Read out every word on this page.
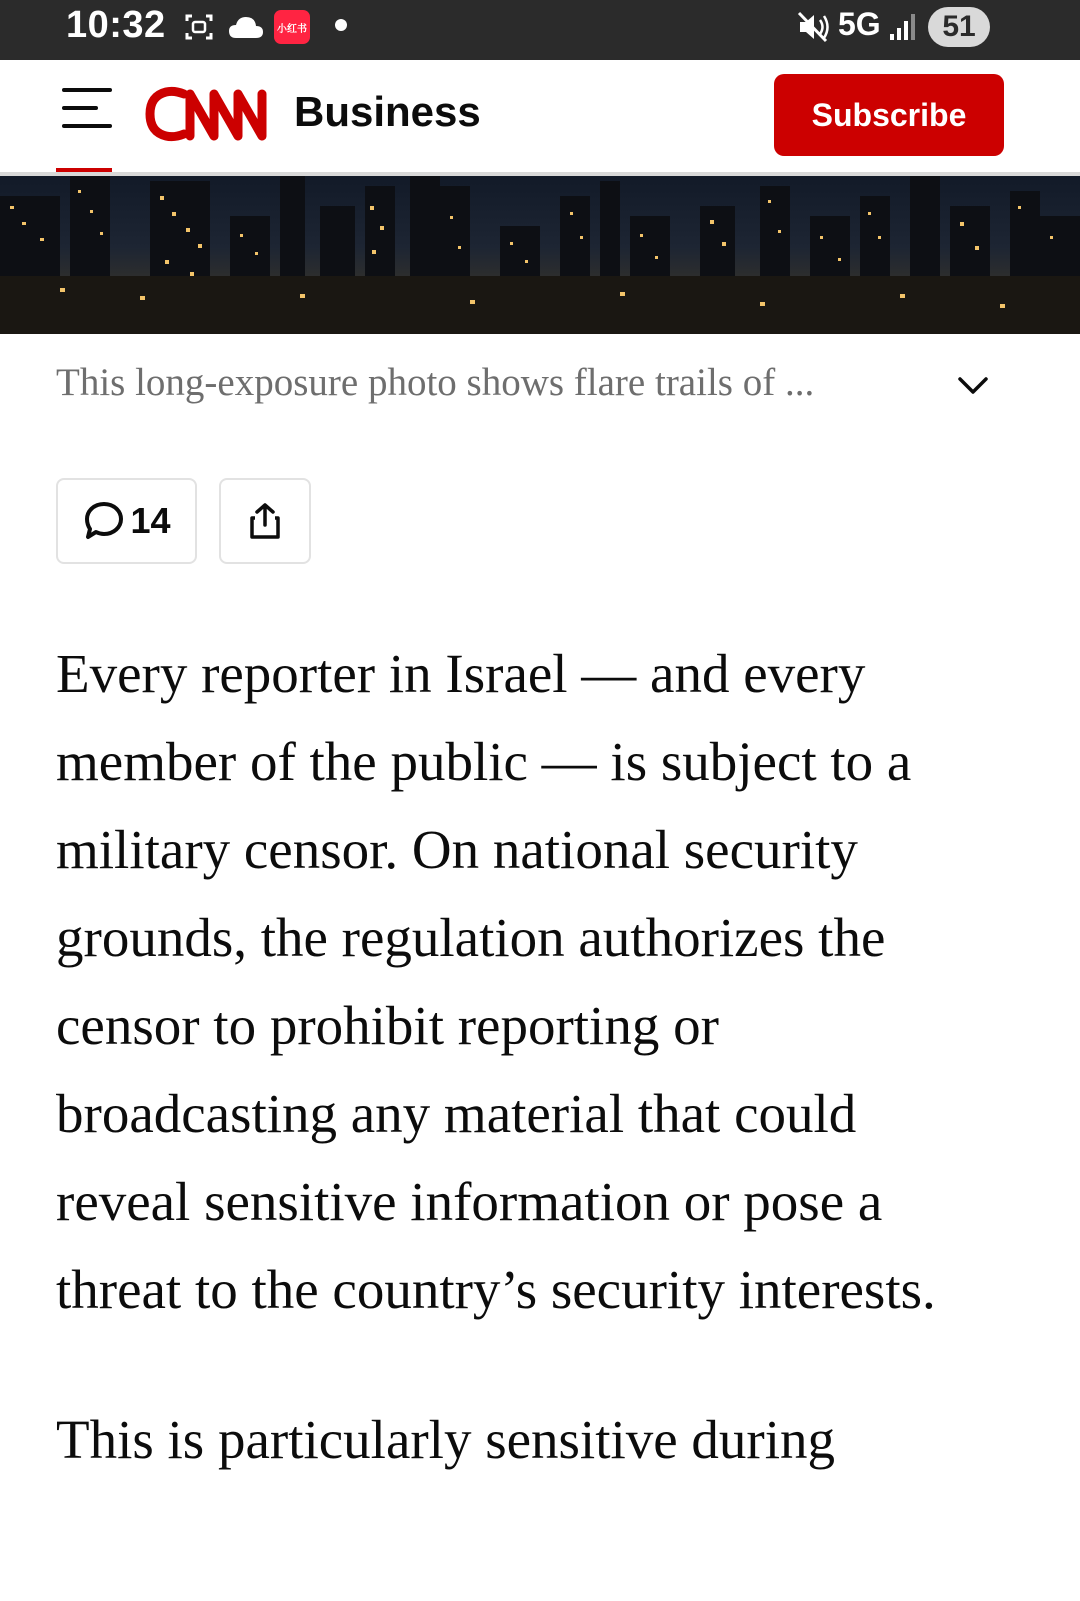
10:32	小红书	5G	51
Business	Subscribe
This long-exposure photo shows flare trails of ...
14

Every reporter in Israel — and every member of the public — is subject to a military censor. On national security grounds, the regulation authorizes the censor to prohibit reporting or broadcasting any material that could reveal sensitive information or pose a threat to the country’s security interests.

This is particularly sensitive during
